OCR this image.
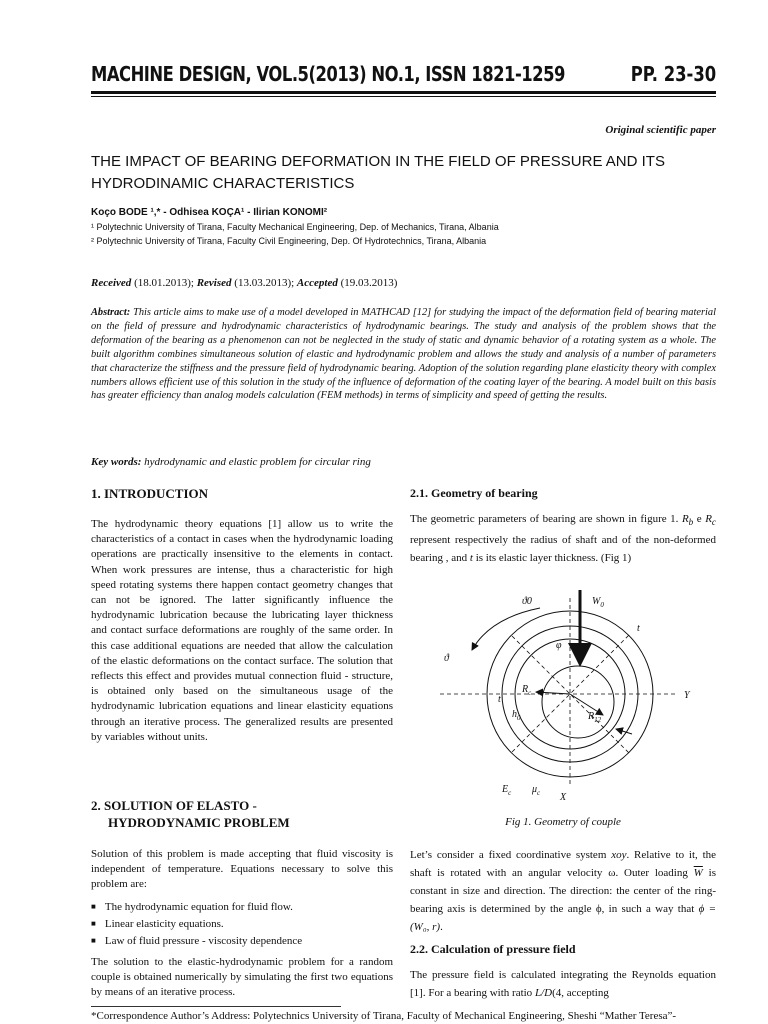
MACHINE DESIGN, VOL.5(2013) NO.1, ISSN 1821-1259	PP. 23-30
Original scientific paper
THE IMPACT OF BEARING DEFORMATION IN THE FIELD OF PRESSURE AND ITS HYDRODINAMIC CHARACTERISTICS
Koço BODE ¹,* - Odhisea KOÇA¹ - Ilirian KONOMI²
¹ Polytechnic University of Tirana, Faculty Mechanical Engineering, Dep. of Mechanics, Tirana, Albania
² Polytechnic University of Tirana, Faculty Civil Engineering, Dep. Of Hydrotechnics, Tirana, Albania
Received (18.01.2013); Revised (13.03.2013); Accepted (19.03.2013)
Abstract: This article aims to make use of a model developed in MATHCAD [12] for studying the impact of the deformation field of bearing material on the field of pressure and hydrodynamic characteristics of hydrodynamic bearings. The study and analysis of the problem shows that the deformation of the bearing as a phenomenon can not be neglected in the study of static and dynamic behavior of a rotating system as a whole. The built algorithm combines simultaneous solution of elastic and hydrodynamic problem and allows the study and analysis of a number of parameters that characterize the stiffness and the pressure field of hydrodynamic bearing. Adoption of the solution regarding plane elasticity theory with complex numbers allows efficient use of this solution in the study of the influence of deformation of the coating layer of the bearing. A model built on this basis has greater efficiency than analog models calculation (FEM methods) in terms of simplicity and speed of getting the results.
Key words: hydrodynamic and elastic problem for circular ring
1. INTRODUCTION
The hydrodynamic theory equations [1] allow us to write the characteristics of a contact in cases when the hydrodynamic loading operations are practically insensitive to the elements in contact. When work pressures are intense, thus a characteristic for high speed rotating systems there happen contact geometry changes that can not be ignored. The latter significantly influence the hydrodynamic lubrication because the lubricating layer thickness and contact surface deformations are roughly of the same order. In this case additional equations are needed that allow the calculation of the elastic deformations on the contact surface. The solution that reflects this effect and provides mutual connection fluid - structure, is obtained only based on the simultaneous usage of the hydrodynamic lubrication equations and linear elasticity equations through an iterative process. The generalized results are presented by variables without units.
2. SOLUTION OF ELASTO -
HYDRODYNAMIC PROBLEM
Solution of this problem is made accepting that fluid viscosity is independent of temperature. Equations necessary to solve this problem are:
■ The hydrodynamic equation for fluid flow.
■ Linear elasticity equations.
■ Law of fluid pressure - viscosity dependence
The solution to the elastic-hydrodynamic problem for a random couple is obtained numerically by simulating the first two equations by means of an iterative process.
2.1. Geometry of bearing
The geometric parameters of bearing are shown in figure 1. $R_b$ e $R_c$ represent respectively the radius of shaft and of the non-deformed bearing , and t is its elastic layer thickness. (Fig 1)
ϑ0	$W_0$
t
ϑ
φ
Y
$R_c$
t
$h_0$	$R_{12}$
$E_c$ $\mu_c$ X
Fig 1. Geometry of couple
Let’s consider a fixed coordinative system xoy. Relative to it, the shaft is rotated with an angular velocity ω. Outer loading $\overline{W}$ is constant in size and direction. The direction: the center of the ring-bearing axis is determined by the angle ϕ, in such a way that ϕ = (W₀, r).
2.2. Calculation of pressure field
The pressure field is calculated integrating the Reynolds equation [1]. For a bearing with ratio L/D(4, accepting
*Correspondence Author’s Address: Polytechnics University of Tirana, Faculty of Mechanical Engineering, Sheshi “Mather Teresa”-
